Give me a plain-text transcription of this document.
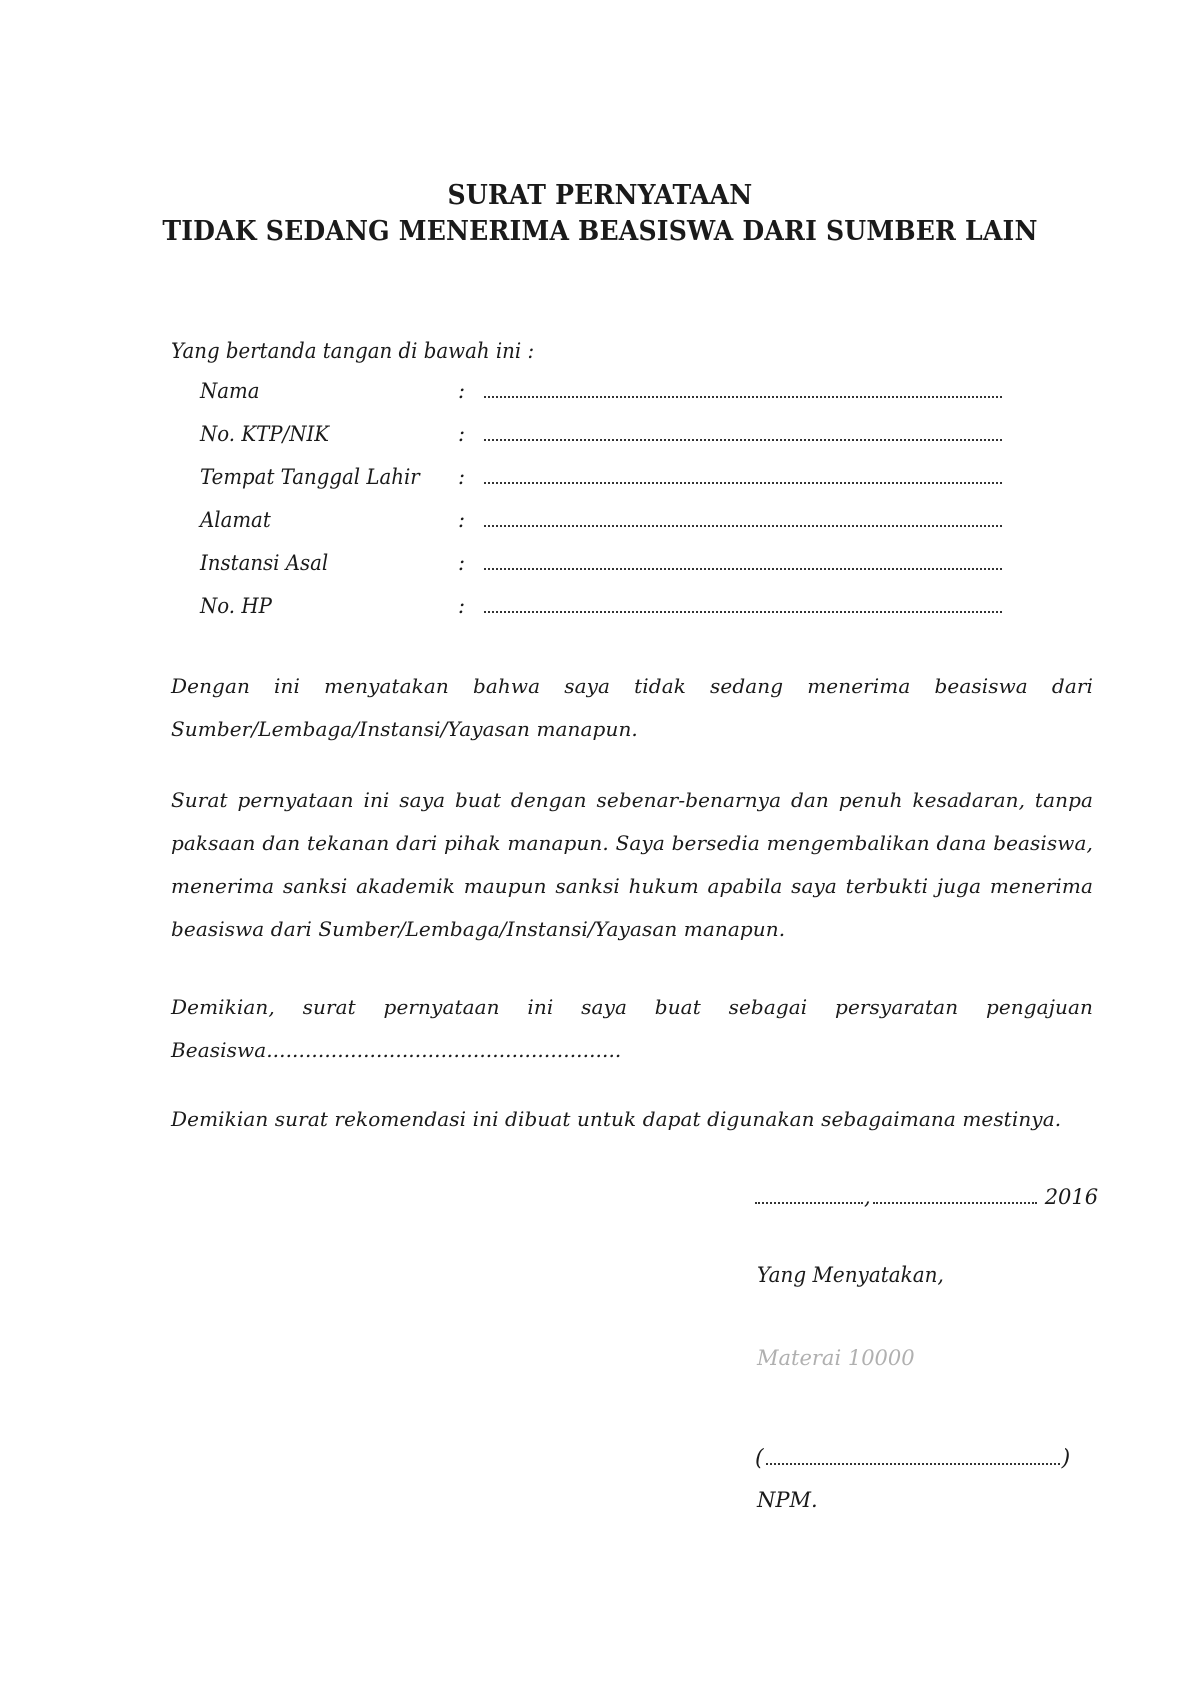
SURAT PERNYATAAN
TIDAK SEDANG MENERIMA BEASISWA DARI SUMBER LAIN
Yang bertanda tangan di bawah ini :
Nama	:
No. KTP/NIK	:
Tempat Tanggal Lahir	:
Alamat	:
Instansi Asal	:
No. HP	:

Dengan ini menyatakan bahwa saya tidak sedang menerima beasiswa dari Sumber/Lembaga/Instansi/Yayasan manapun.

Surat pernyataan ini saya buat dengan sebenar-benarnya dan penuh kesadaran, tanpa paksaan dan tekanan dari pihak manapun. Saya bersedia mengembalikan dana beasiswa, menerima sanksi akademik maupun sanksi hukum apabila saya terbukti juga menerima beasiswa dari Sumber/Lembaga/Instansi/Yayasan manapun.

Demikian, surat pernyataan ini saya buat sebagai persyaratan pengajuan Beasiswa.......................................................

Demikian surat rekomendasi ini dibuat untuk dapat digunakan sebagaimana mestinya.

,	2016
Yang Menyatakan,
Materai 10000
(	)
NPM.
